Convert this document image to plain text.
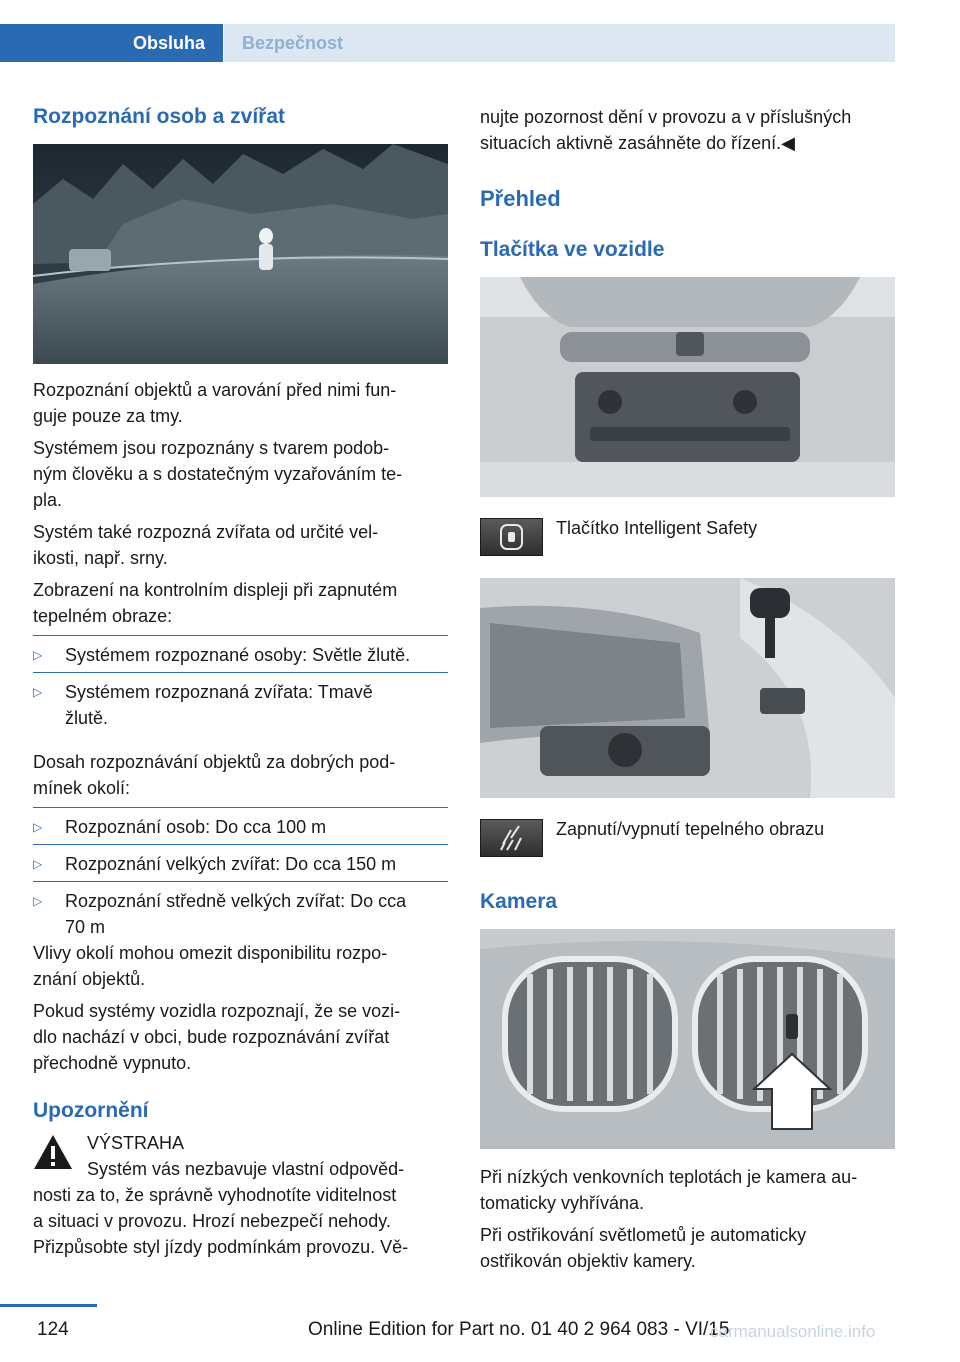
Obsluha	Bezpečnost
Rozpoznání osob a zvířat

Rozpoznání objektů a varování před nimi fun-

guje pouze za tmy.

Systémem jsou rozpoznány s tvarem podob-

ným člověku a s dostatečným vyzařováním te-

pla.

Systém také rozpozná zvířata od určité vel-

ikosti, např. srny.

Zobrazení na kontrolním displeji při zapnutém

tepelném obraze:

▷	Systémem rozpoznané osoby: Světle žlutě.
▷	Systémem rozpoznaná zvířata: Tmavě
žlutě.

Dosah rozpoznávání objektů za dobrých pod-

mínek okolí:

▷	Rozpoznání osob: Do cca 100 m
▷	Rozpoznání velkých zvířat: Do cca 150 m
▷	Rozpoznání středně velkých zvířat: Do cca
70 m

Vlivy okolí mohou omezit disponibilitu rozpo-

znání objektů.

Pokud systémy vozidla rozpoznají, že se vozi-

dlo nachází v obci, bude rozpoznávání zvířat

přechodně vypnuto.

Upozornění

VÝSTRAHA

Systém vás nezbavuje vlastní odpověd-

nosti za to, že správně vyhodnotíte viditelnost

a situaci v provozu. Hrozí nebezpečí nehody.

Přizpůsobte styl jízdy podmínkám provozu. Vě-

nujte pozornost dění v provozu a v příslušných

situacích aktivně zasáhněte do řízení.◀

Přehled
Tlačítka ve vozidle

Tlačítko Intelligent Safety

Zapnutí/vypnutí tepelného obrazu

Kamera

Při nízkých venkovních teplotách je kamera au-

tomaticky vyhřívána.

Při ostřikování světlometů je automaticky

ostřikován objektiv kamery.

124	Online Edition for Part no. 01 40 2 964 083 - VI/15
carmanualsonline.info
